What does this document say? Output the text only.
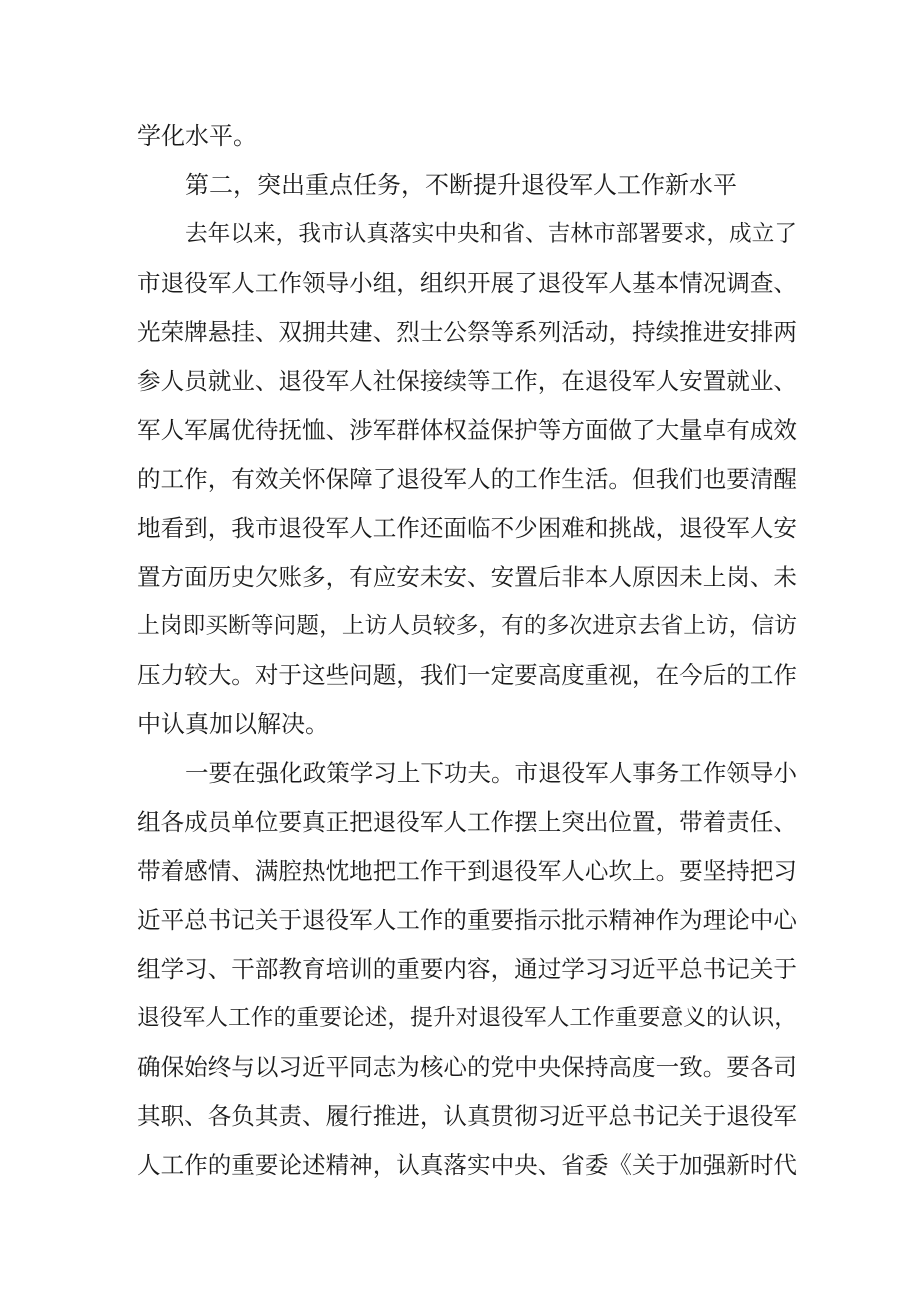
学化水平。
第二，突出重点任务，不断提升退役军人工作新水平
去年以来，我市认真落实中央和省、吉林市部署要求，成立了
市退役军人工作领导小组，组织开展了退役军人基本情况调查、
光荣牌悬挂、双拥共建、烈士公祭等系列活动，持续推进安排两
参人员就业、退役军人社保接续等工作，在退役军人安置就业、
军人军属优待抚恤、涉军群体权益保护等方面做了大量卓有成效
的工作，有效关怀保障了退役军人的工作生活。但我们也要清醒
地看到，我市退役军人工作还面临不少困难和挑战，退役军人安
置方面历史欠账多，有应安未安、安置后非本人原因未上岗、未
上岗即买断等问题，上访人员较多，有的多次进京去省上访，信访
压力较大。对于这些问题，我们一定要高度重视，在今后的工作
中认真加以解决。
一要在强化政策学习上下功夫。市退役军人事务工作领导小
组各成员单位要真正把退役军人工作摆上突出位置，带着责任、
带着感情、满腔热忱地把工作干到退役军人心坎上。要坚持把习
近平总书记关于退役军人工作的重要指示批示精神作为理论中心
组学习、干部教育培训的重要内容，通过学习习近平总书记关于
退役军人工作的重要论述，提升对退役军人工作重要意义的认识，
确保始终与以习近平同志为核心的党中央保持高度一致。要各司
其职、各负其责、履行推进，认真贯彻习近平总书记关于退役军
人工作的重要论述精神，认真落实中央、省委《关于加强新时代
